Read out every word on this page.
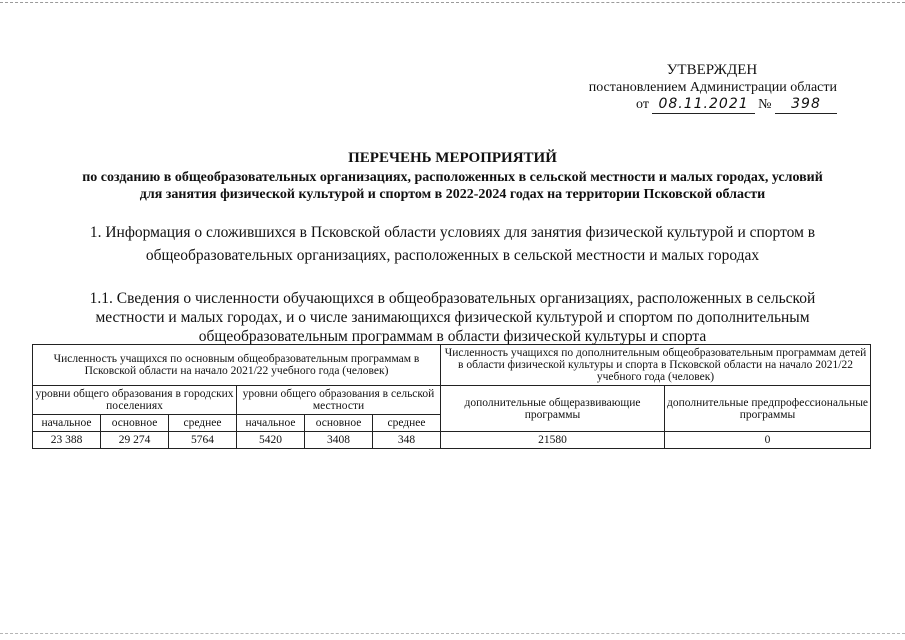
УТВЕРЖДЕН
постановлением Администрации области
от 08.11.2021 № 398
ПЕРЕЧЕНЬ МЕРОПРИЯТИЙ
по созданию в общеобразовательных организациях, расположенных в сельской местности и малых городах, условий
для занятия физической культурой и спортом в 2022-2024 годах на территории Псковской области
1. Информация о сложившихся в Псковской области условиях для занятия физической культурой и спортом в
общеобразовательных организациях, расположенных в сельской местности и малых городах
1.1. Сведения о численности обучающихся в общеобразовательных организациях, расположенных в сельской
местности и малых городах, и о числе занимающихся физической культурой и спортом по дополнительным
общеобразовательным программам в области физической культуры и спорта
Численность учащихся по основным общеобразовательным программам в Псковской области на начало 2021/22 учебного года (человек)						Численность учащихся по дополнительным общеобразовательным программам детей в области физической культуры и спорта в Псковской области на начало 2021/22 учебного года (человек)	
уровни общего образования в городских поселениях			уровни общего образования в сельской местности			дополнительные общеразвивающие программы	дополнительные предпрофессиональные программы
начальное	основное	среднее	начальное	основное	среднее		
23 388	29 274	5764	5420	3408	348	21580	0
